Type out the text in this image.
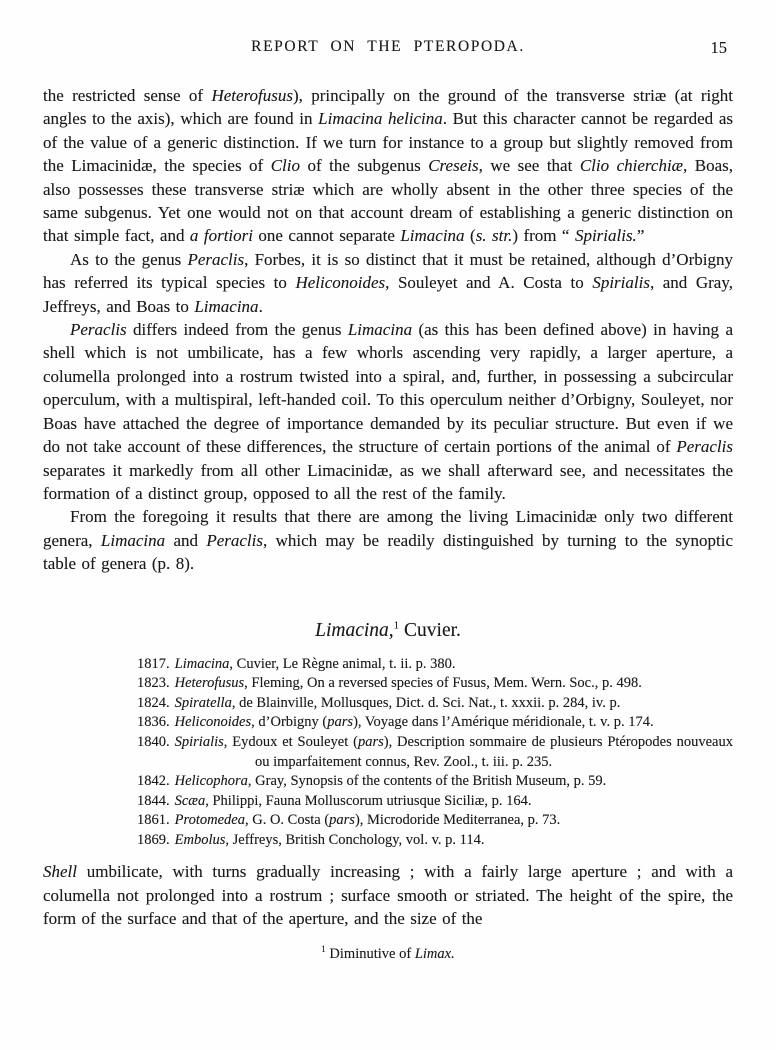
REPORT ON THE PTEROPODA.	15

the restricted sense of Heterofusus), principally on the ground of the transverse striæ (at right angles to the axis), which are found in Limacina helicina. But this character cannot be regarded as of the value of a generic distinction. If we turn for instance to a group but slightly removed from the Limacinidæ, the species of Clio of the subgenus Creseis, we see that Clio chierchiæ, Boas, also possesses these transverse striæ which are wholly absent in the other three species of the same subgenus. Yet one would not on that account dream of establishing a generic distinction on that simple fact, and a fortiori one cannot separate Limacina (s. str.) from “ Spirialis.”

As to the genus Peraclis, Forbes, it is so distinct that it must be retained, although d’Orbigny has referred its typical species to Heliconoides, Souleyet and A. Costa to Spirialis, and Gray, Jeffreys, and Boas to Limacina.

Peraclis differs indeed from the genus Limacina (as this has been defined above) in having a shell which is not umbilicate, has a few whorls ascending very rapidly, a larger aperture, a columella prolonged into a rostrum twisted into a spiral, and, further, in possessing a subcircular operculum, with a multispiral, left-handed coil. To this operculum neither d’Orbigny, Souleyet, nor Boas have attached the degree of importance demanded by its peculiar structure. But even if we do not take account of these differences, the structure of certain portions of the animal of Peraclis separates it markedly from all other Limacinidæ, as we shall afterward see, and necessitates the formation of a distinct group, opposed to all the rest of the family.

From the foregoing it results that there are among the living Limacinidæ only two different genera, Limacina and Peraclis, which may be readily distinguished by turning to the synoptic table of genera (p. 8).

Limacina,$^1$ Cuvier.
1817. Limacina, Cuvier, Le Règne animal, t. ii. p. 380.
1823. Heterofusus, Fleming, On a reversed species of Fusus, Mem. Wern. Soc., p. 498.
1824. Spiratella, de Blainville, Mollusques, Dict. d. Sci. Nat., t. xxxii. p. 284, iv. p.
1836. Heliconoides, d’Orbigny (pars), Voyage dans l’Amérique méridionale, t. v. p. 174.
1840. Spirialis, Eydoux et Souleyet (pars), Description sommaire de plusieurs Ptéropodes nouveaux ou imparfaitement connus, Rev. Zool., t. iii. p. 235.
1842. Helicophora, Gray, Synopsis of the contents of the British Museum, p. 59.
1844. Scæa, Philippi, Fauna Molluscorum utriusque Siciliæ, p. 164.
1861. Protomedea, G. O. Costa (pars), Microdoride Mediterranea, p. 73.
1869. Embolus, Jeffreys, British Conchology, vol. v. p. 114.

Shell umbilicate, with turns gradually increasing ; with a fairly large aperture ; and with a columella not prolonged into a rostrum ; surface smooth or striated. The height of the spire, the form of the surface and that of the aperture, and the size of the

$^1$ Diminutive of Limax.
